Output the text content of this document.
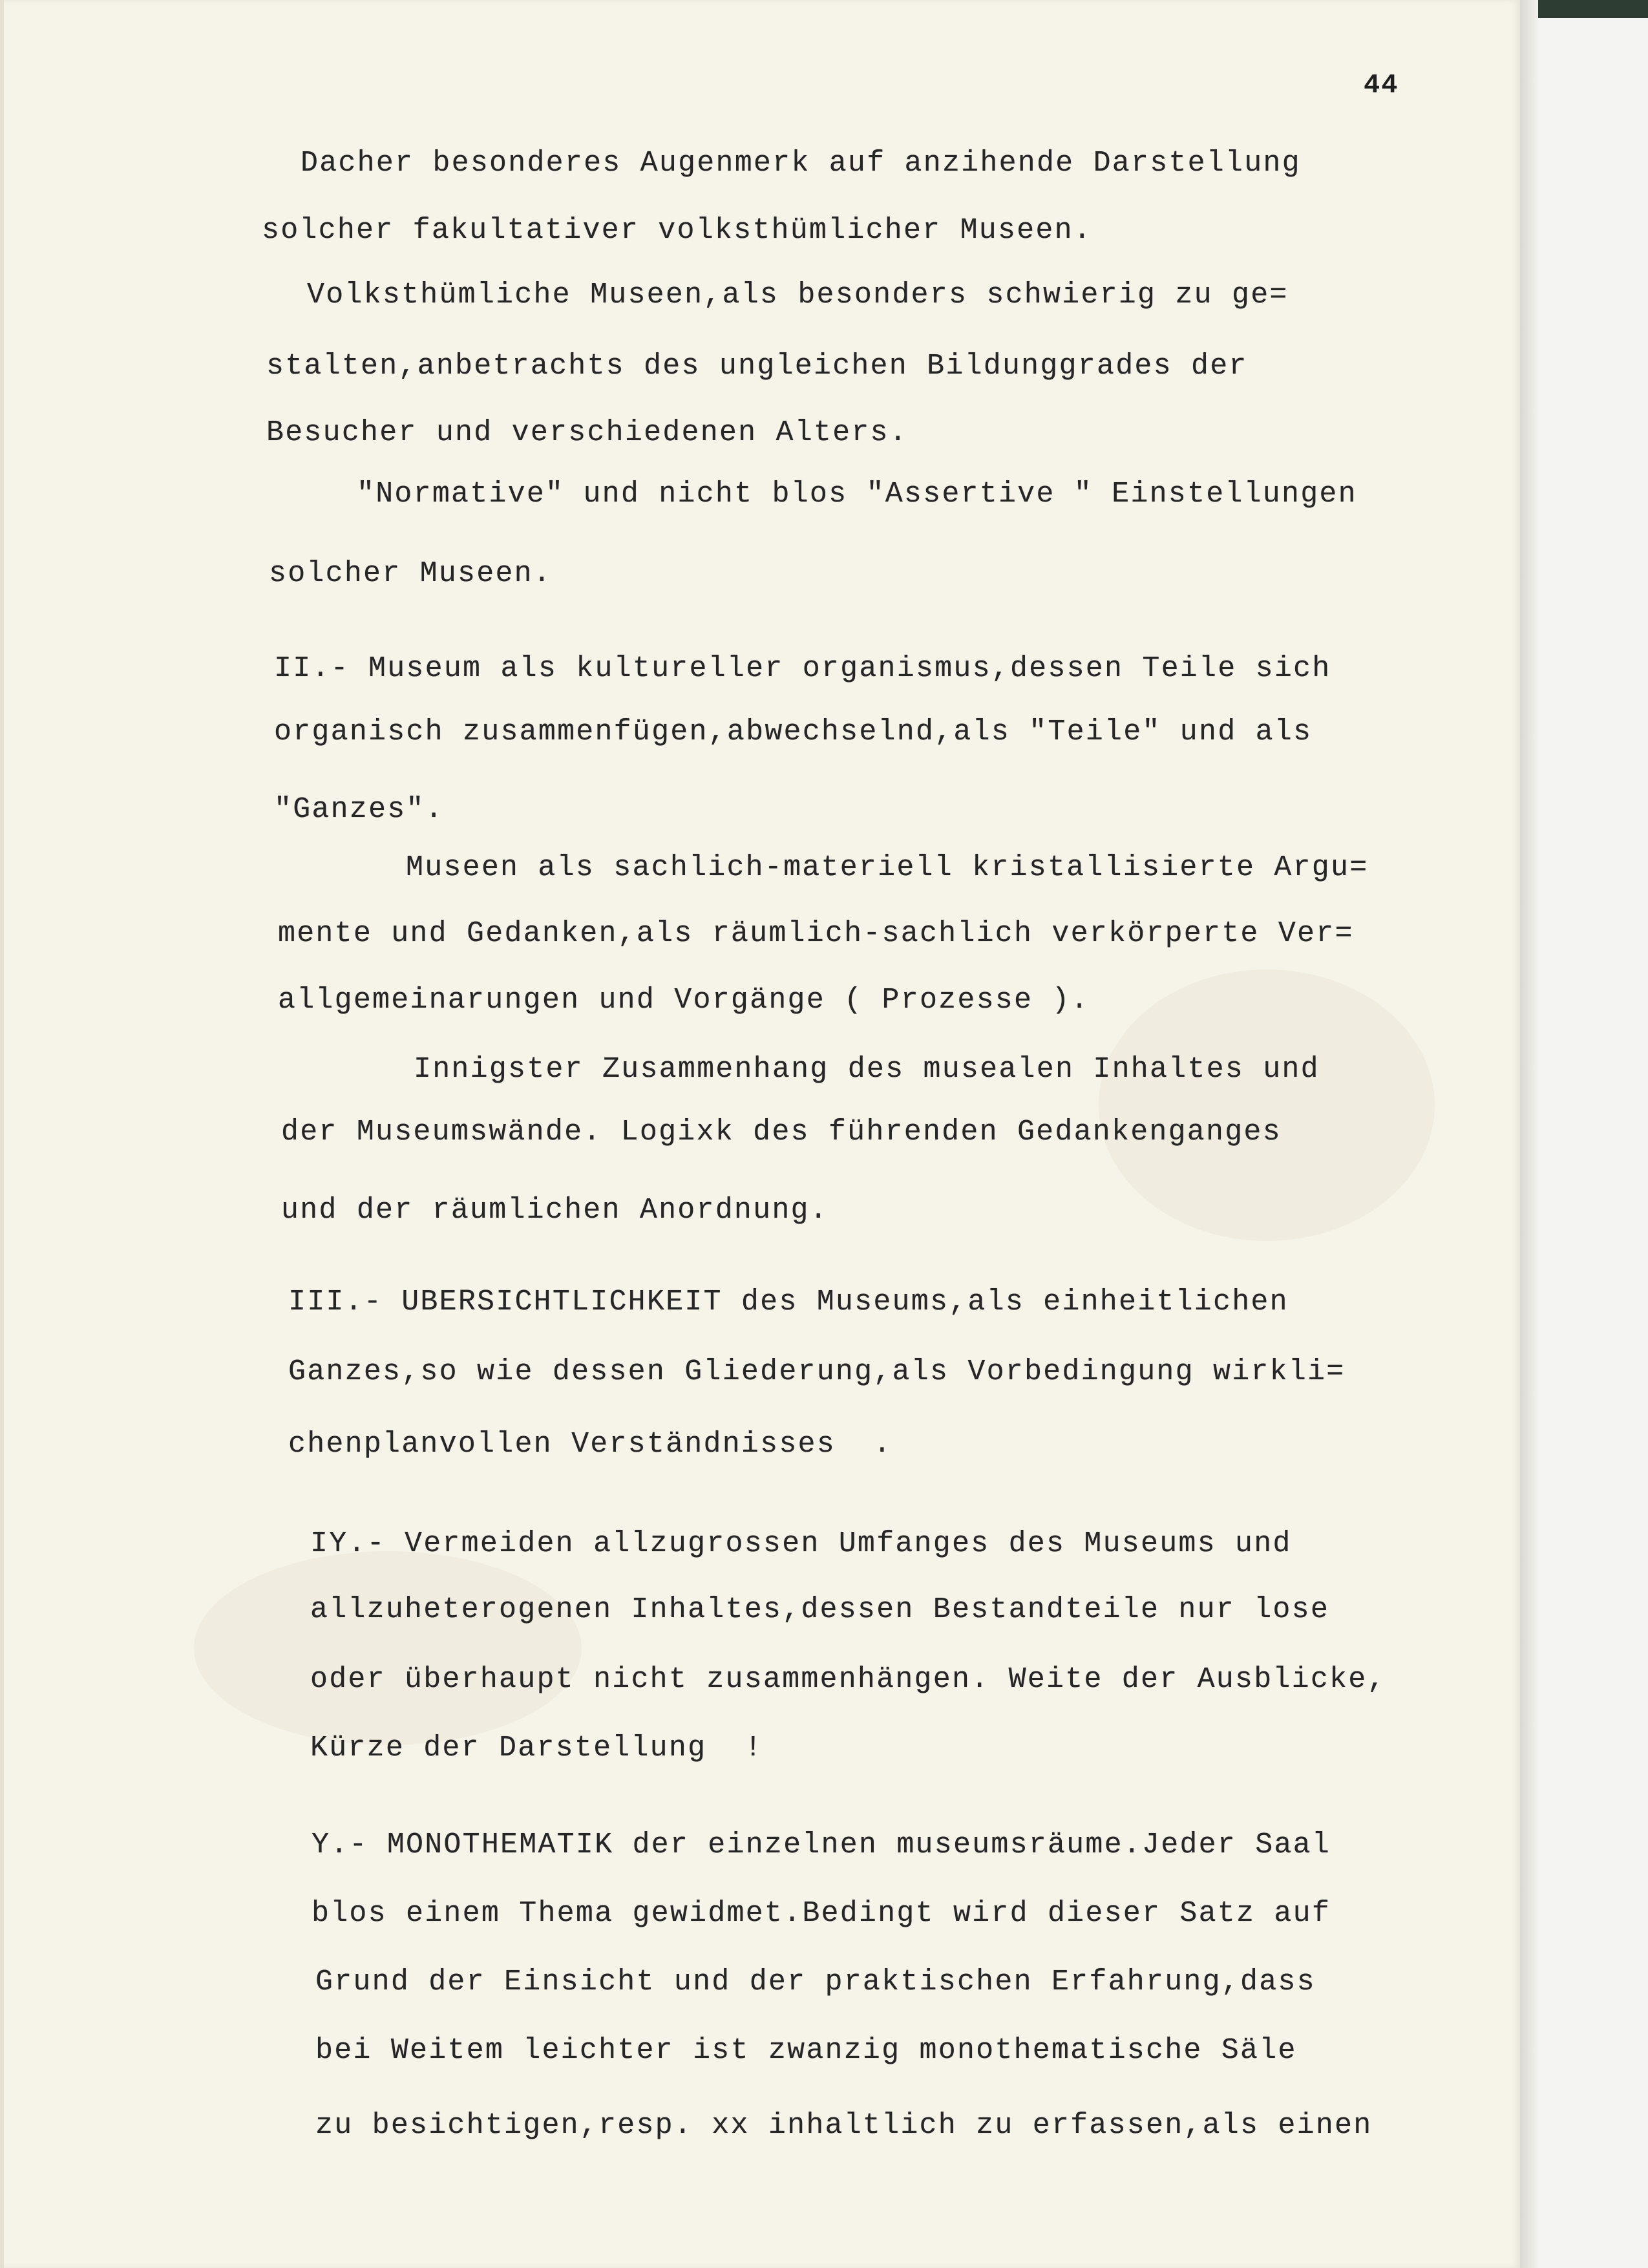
44
Dacher besonderes Augenmerk auf anzihende Darstellung
solcher fakultativer volksthümlicher Museen.
Volksthümliche Museen,als besonders schwierig zu ge=
stalten,anbetrachts des ungleichen Bildunggrades der
Besucher und verschiedenen Alters.
"Normative" und nicht blos "Assertive " Einstellungen
solcher Museen.
II.- Museum als kultureller organismus,dessen Teile sich
organisch zusammenfügen,abwechselnd,als "Teile" und als
"Ganzes".
Museen als sachlich-materiell kristallisierte Argu=
mente und Gedanken,als räumlich-sachlich verkörperte Ver=
allgemeinarungen und Vorgänge ( Prozesse ).
Innigster Zusammenhang des musealen Inhaltes und
der Museumswände. Logixk des führenden Gedankenganges
und der räumlichen Anordnung.
III.- UBERSICHTLICHKEIT des Museums,als einheitlichen
Ganzes,so wie dessen Gliederung,als Vorbedingung wirkli=
chenplanvollen Verständnisses  .
IY.- Vermeiden allzugrossen Umfanges des Museums und
allzuheterogenen Inhaltes,dessen Bestandteile nur lose
oder überhaupt nicht zusammenhängen. Weite der Ausblicke,
Kürze der Darstellung  !
Y.- MONOTHEMATIK der einzelnen museumsräume.Jeder Saal
blos einem Thema gewidmet.Bedingt wird dieser Satz auf
Grund der Einsicht und der praktischen Erfahrung,dass
bei Weitem leichter ist zwanzig monothematische Säle
zu besichtigen,resp. xx inhaltlich zu erfassen,als einen
